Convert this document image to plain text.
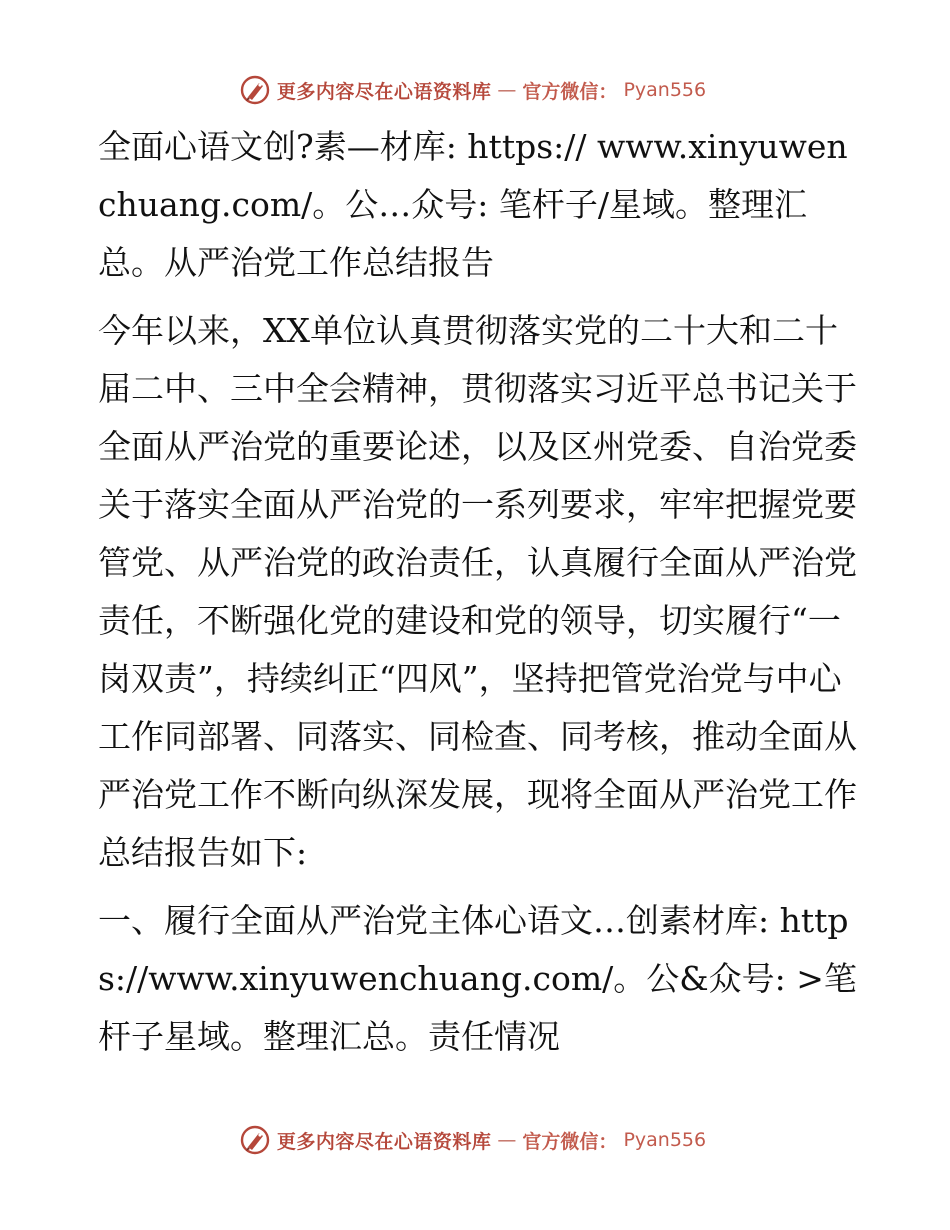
更多内容尽在心语资料库 — 官方微信： Pyan556

全面心语文创?素—材库: https:// www.xinyuwenchuang.com/。公…众号: 笔杆子/星域。整理汇总。从严治党工作总结报告

今年以来，XX单位认真贯彻落实党的二十大和二十届二中、三中全会精神，贯彻落实习近平总书记关于全面从严治党的重要论述，以及区州党委、自治党委关于落实全面从严治党的一系列要求，牢牢把握党要管党、从严治党的政治责任，认真履行全面从严治党责任，不断强化党的建设和党的领导，切实履行“一岗双责”，持续纠正“四风”，坚持把管党治党与中心工作同部署、同落实、同检查、同考核，推动全面从严治党工作不断向纵深发展，现将全面从严治党工作总结报告如下:

一、履行全面从严治党主体心语文…创素材库: https://www.xinyuwenchuang.com/。公&众号: >笔杆子星域。整理汇总。责任情况

更多内容尽在心语资料库 — 官方微信： Pyan556
